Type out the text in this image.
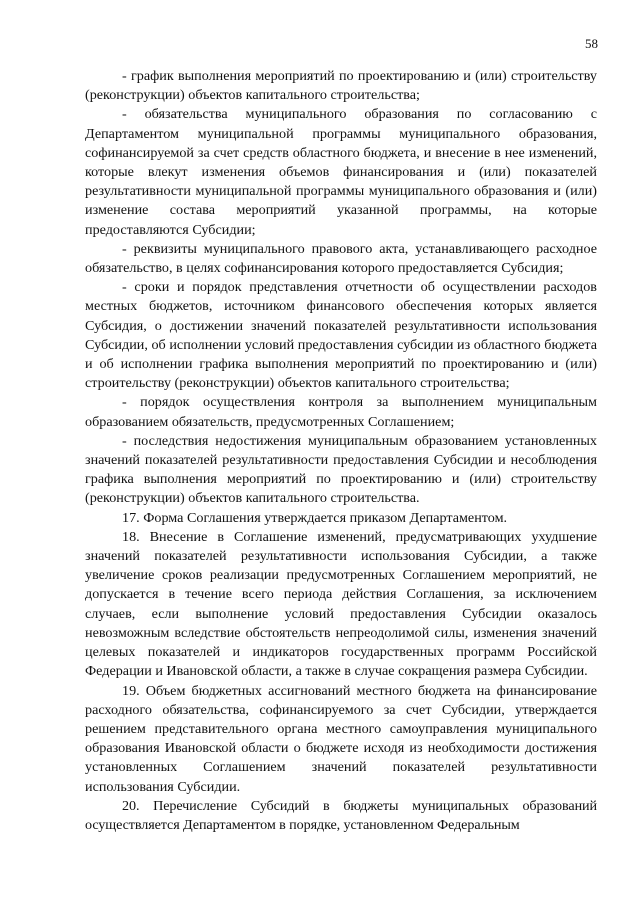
58

- график выполнения мероприятий по проектированию и (или) строительству (реконструкции) объектов капитального строительства;

- обязательства муниципального образования по согласованию с Департаментом муниципальной программы муниципального образования, софинансируемой за счет средств областного бюджета, и внесение в нее изменений, которые влекут изменения объемов финансирования и (или) показателей результативности муниципальной программы муниципального образования и (или) изменение состава мероприятий указанной программы, на которые предоставляются Субсидии;

- реквизиты муниципального правового акта, устанавливающего расходное обязательство, в целях софинансирования которого предоставляется Субсидия;

- сроки и порядок представления отчетности об осуществлении расходов местных бюджетов, источником финансового обеспечения которых является Субсидия, о достижении значений показателей результативности использования Субсидии, об исполнении условий предоставления субсидии из областного бюджета и об исполнении графика выполнения мероприятий по проектированию и (или) строительству (реконструкции) объектов капитального строительства;

- порядок осуществления контроля за выполнением муниципальным образованием обязательств, предусмотренных Соглашением;

- последствия недостижения муниципальным образованием установленных значений показателей результативности предоставления Субсидии и несоблюдения графика выполнения мероприятий по проектированию и (или) строительству (реконструкции) объектов капитального строительства.

17. Форма Соглашения утверждается приказом Департаментом.

18. Внесение в Соглашение изменений, предусматривающих ухудшение значений показателей результативности использования Субсидии, а также увеличение сроков реализации предусмотренных Соглашением мероприятий, не допускается в течение всего периода действия Соглашения, за исключением случаев, если выполнение условий предоставления Субсидии оказалось невозможным вследствие обстоятельств непреодолимой силы, изменения значений целевых показателей и индикаторов государственных программ Российской Федерации и Ивановской области, а также в случае сокращения размера Субсидии.

19. Объем бюджетных ассигнований местного бюджета на финансирование расходного обязательства, софинансируемого за счет Субсидии, утверждается решением представительного органа местного самоуправления муниципального образования Ивановской области о бюджете исходя из необходимости достижения установленных Соглашением значений показателей результативности использования Субсидии.

20. Перечисление Субсидий в бюджеты муниципальных образований осуществляется Департаментом в порядке, установленном Федеральным
